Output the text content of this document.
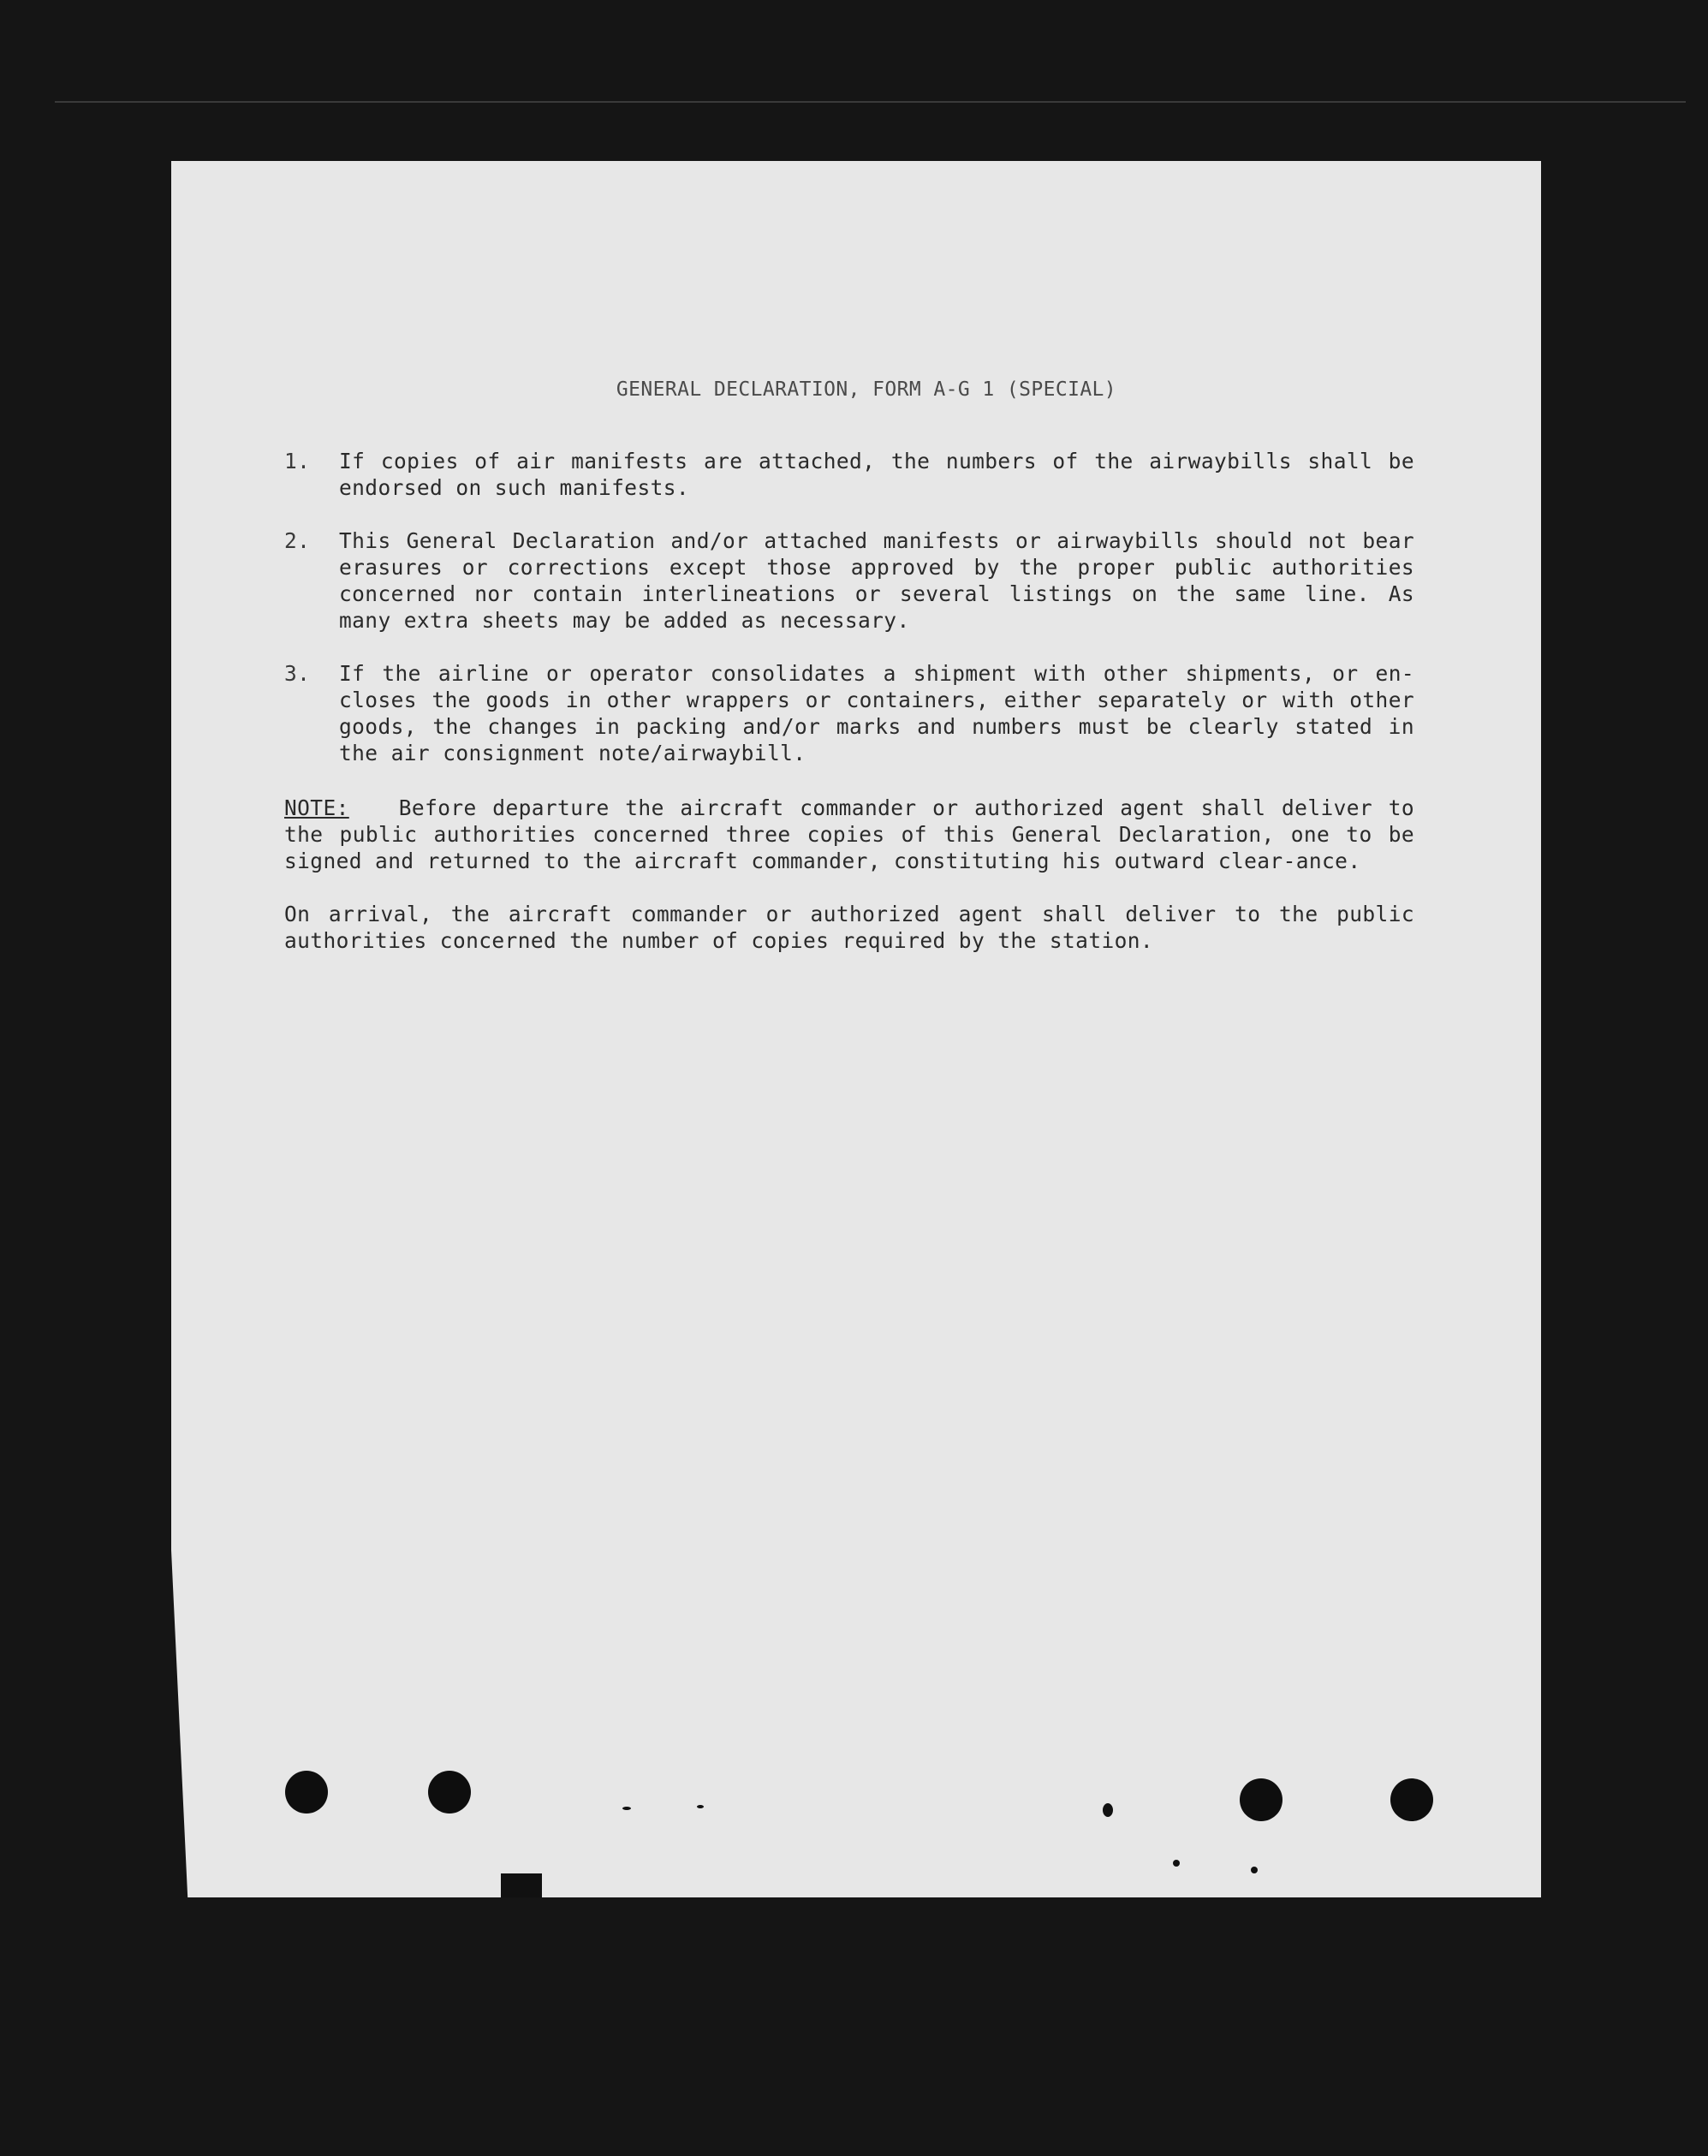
GENERAL DECLARATION, FORM A-G 1 (SPECIAL)
1.	If copies of air manifests are attached, the numbers of the airwaybills shall be endorsed on such manifests.
2.	This General Declaration and/or attached manifests or airwaybills should not bear erasures or corrections except those approved by the proper public authorities concerned nor contain interlineations or several listings on the same line. As many extra sheets may be added as necessary.
3.	If the airline or operator consolidates a shipment with other shipments, or en-closes the goods in other wrappers or containers, either separately or with other goods, the changes in packing and/or marks and numbers must be clearly stated in the air consignment note/airwaybill.
NOTE: Before departure the aircraft commander or authorized agent shall deliver to the public authorities concerned three copies of this General Declaration, one to be signed and returned to the aircraft commander, constituting his outward clear-ance.
On arrival, the aircraft commander or authorized agent shall deliver to the public authorities concerned the number of copies required by the station.
